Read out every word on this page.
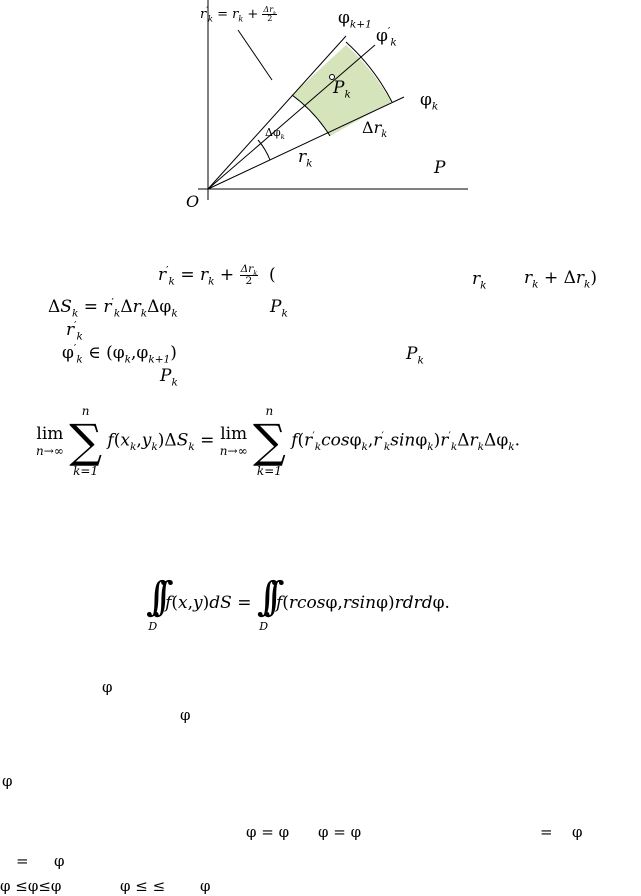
$r'_k = r_k + \frac{\Delta r_k}{2}$	$\varphi_{k+1}$
$\varphi'_k$
$P_k$	$\varphi_k$
$\Delta r_k$
$\Delta\varphi_k$
$r_k$	P
O
$r'_k = r_k + \frac{\Delta r_k}{2}$ (	$r_k$ $r_k + \Delta r_k$)
$\Delta S_k = r'_k\Delta r_k\Delta\varphi_k$	$P_k$
$r'_k$
$\varphi'_k$ ∈ $(\varphi_k,\varphi_{k+1})$	$P_k$
$P_k$
lim
n→∞

n
∑
k=1
$f(x_k,y_k)\Delta S_k = \lim$
n→∞

n
∑
k=1
$f(r'_k\cos\varphi_k,r'_k\sin\varphi_k)r'_k\Delta r_k\Delta\varphi_k$.
∫∫
D
f(x,y)dS = ∫∫
D
f(rcosφ,rsinφ)rdrdφ.
φ
φ
φ
φ = φ φ = φ	= φ
= φ
φ ≤φ≤φ	φ ≤ ≤ φ
